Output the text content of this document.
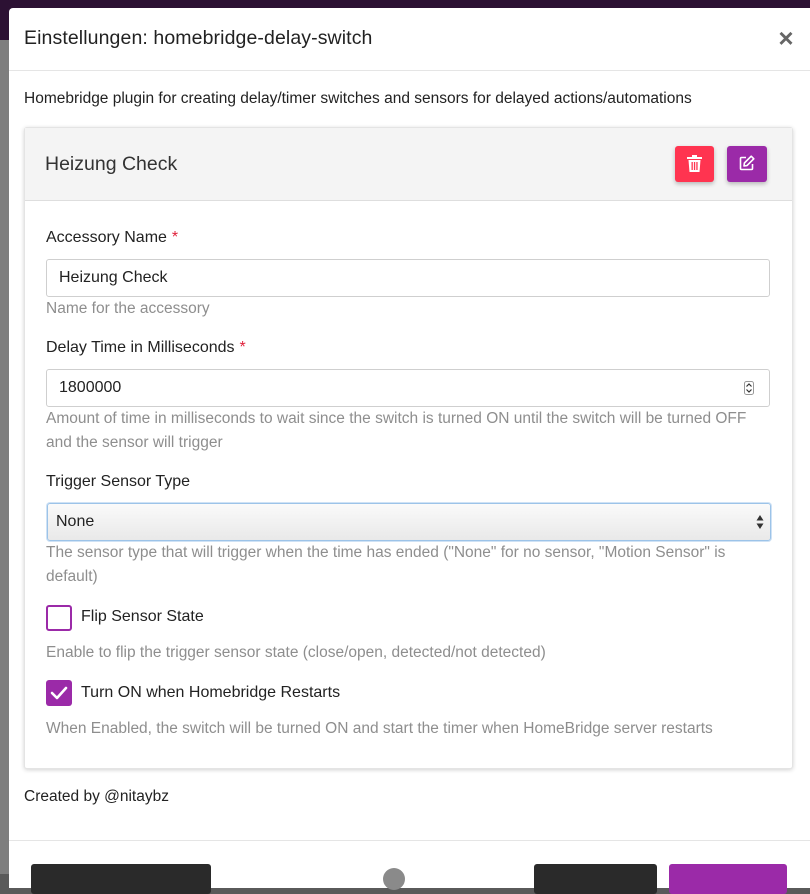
Einstellungen: homebridge-delay-switch	×
Homebridge plugin for creating delay/timer switches and sensors for delayed actions/automations
Heizung Check
Accessory Name *
Heizung Check
Name for the accessory
Delay Time in Milliseconds *
1800000
Amount of time in milliseconds to wait since the switch is turned ON until the switch will be turned OFF and the sensor will trigger
Trigger Sensor Type
None
The sensor type that will trigger when the time has ended ("None" for no sensor, "Motion Sensor" is default)
Flip Sensor State
Enable to flip the trigger sensor state (close/open, detected/not detected)
Turn ON when Homebridge Restarts
When Enabled, the switch will be turned ON and start the timer when HomeBridge server restarts
Created by @nitaybz
